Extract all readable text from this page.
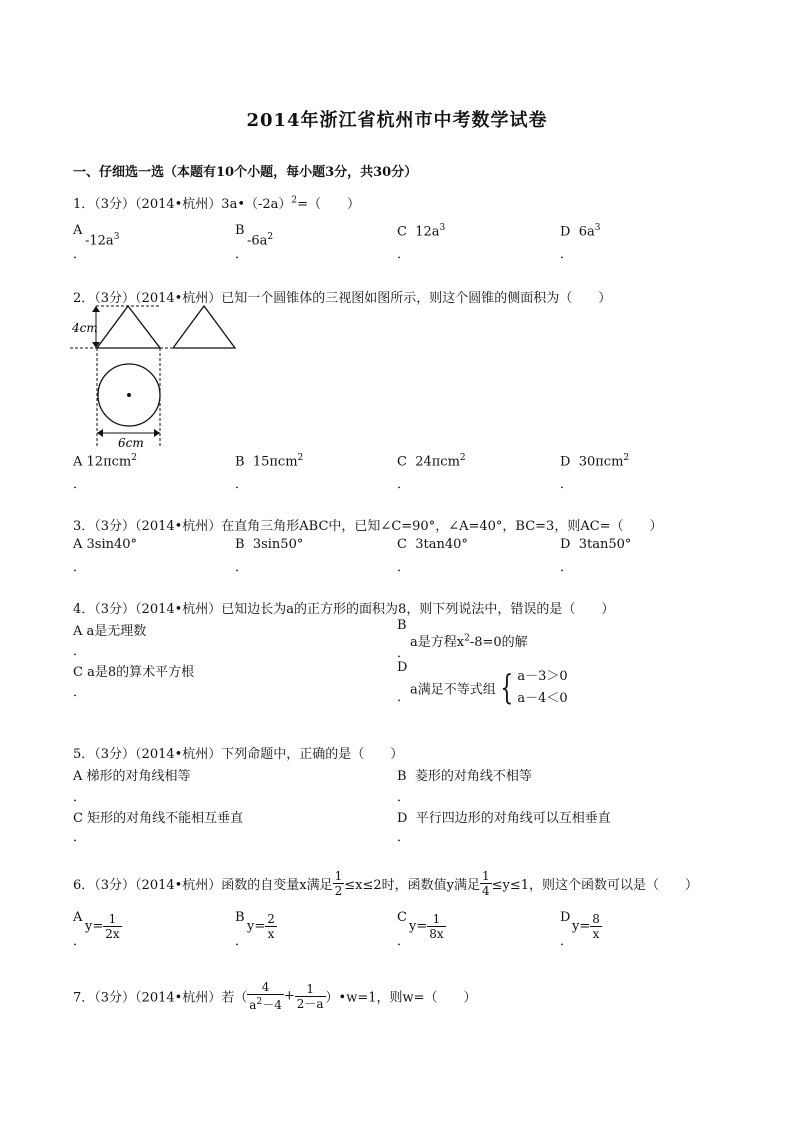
2014年浙江省杭州市中考数学试卷
一、仔细选一选（本题有10个小题，每小题3分，共30分）
1．（3分）（2014•杭州）$3a•(-2a)^2=$（　　）
A
$-12a^3$
．
B
$-6a^2$
．
C $12a^3$
．
D $6a^3$
．
2．（3分）（2014•杭州）已知一个圆锥体的三视图如图所示，则这个圆锥的侧面积为（　　）
4cm
6cm
A 12πcm$^2$
．
B 15πcm$^2$
．
C 24πcm$^2$
．
D 30πcm$^2$
．
3．（3分）（2014•杭州）在直角三角形ABC中，已知∠C=90°，∠A=40°，BC=3，则AC=（　　）
A 3sin40°
．
B 3sin50°
．
C 3tan40°
．
D 3tan50°
．
4．（3分）（2014•杭州）已知边长为a的正方形的面积为8，则下列说法中，错误的是（　　）
A a是无理数
．
B
a是方程$x^2-8=0$的解
．
C a是8的算术平方根
．
D
a满足不等式组 { a－3＞0
a－4＜0
．
5．（3分）（2014•杭州）下列命题中，正确的是（　　）
A 梯形的对角线相等
．
B 菱形的对角线不相等
．
C 矩形的对角线不能相互垂直
．
D 平行四边形的对角线可以互相垂直
．
6．（3分）（2014•杭州）函数的自变量x满足 $\frac{1}{2} \le x\le 2$时，函数值y满足 $\frac{1}{4} \le y\le 1$，则这个函数可以是（　　）
A
$y= \frac{1}{2x}$
．
B
$y= \frac{2}{x}$
．
C
$y= \frac{1}{8x}$
．
D
$y= \frac{8}{x}$
．
7．（3分）（2014•杭州）若（ $\frac{4}{a^2-4} + \frac{1}{2-a}$ ）•w=1，则w=（　　）
